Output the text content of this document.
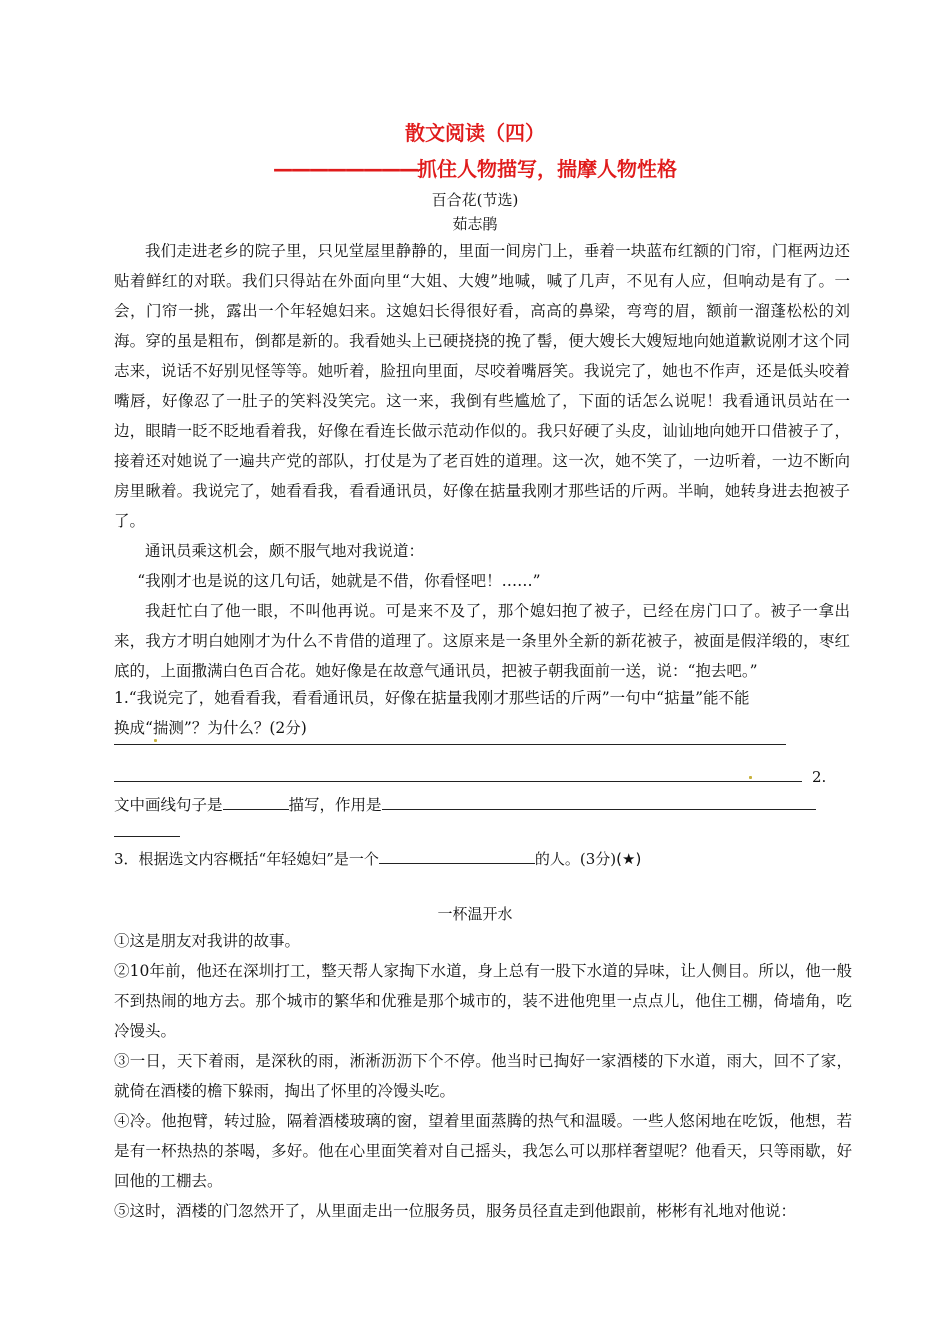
散文阅读（四）
————————抓住人物描写，揣摩人物性格
百合花(节选)
茹志鹃

我们走进老乡的院子里，只见堂屋里静静的，里面一间房门上，垂着一块蓝布红额的门帘，门框两边还贴着鲜红的对联。我们只得站在外面向里“大姐、大嫂”地喊，喊了几声，不见有人应，但响动是有了。一会，门帘一挑，露出一个年轻媳妇来。这媳妇长得很好看，高高的鼻梁，弯弯的眉，额前一溜蓬松松的刘海。穿的虽是粗布，倒都是新的。我看她头上已硬挠挠的挽了髻，便大嫂长大嫂短地向她道歉说刚才这个同志来，说话不好别见怪等等。她听着，脸扭向里面，尽咬着嘴唇笑。我说完了，她也不作声，还是低头咬着嘴唇，好像忍了一肚子的笑料没笑完。这一来，我倒有些尴尬了，下面的话怎么说呢！我看通讯员站在一边，眼睛一眨不眨地看着我，好像在看连长做示范动作似的。我只好硬了头皮，讪讪地向她开口借被子了，接着还对她说了一遍共产党的部队，打仗是为了老百姓的道理。这一次，她不笑了，一边听着，一边不断向房里瞅着。我说完了，她看看我，看看通讯员，好像在掂量我刚才那些话的斤两。半晌，她转身进去抱被子了。

通讯员乘这机会，颇不服气地对我说道：

“我刚才也是说的这几句话，她就是不借，你看怪吧！……”

我赶忙白了他一眼，不叫他再说。可是来不及了，那个媳妇抱了被子，已经在房门口了。被子一拿出来，我方才明白她刚才为什么不肯借的道理了。这原来是一条里外全新的新花被子，被面是假洋缎的，枣红底的，上面撒满白色百合花。她好像是在故意气通讯员，把被子朝我面前一送，说：“抱去吧。”

1.“我说完了，她看看我，看看通讯员，好像在掂量我刚才那些话的斤两”一句中“掂量”能不能
换成“揣测”？为什么？(2分)
2.
文中画线句子是	描写，作用是
3．根据选文内容概括“年轻媳妇”是一个	的人。(3分)(★)
一杯温开水

①这是朋友对我讲的故事。

②10年前，他还在深圳打工，整天帮人家掏下水道，身上总有一股下水道的异味，让人侧目。所以，他一般不到热闹的地方去。那个城市的繁华和优雅是那个城市的，装不进他兜里一点点儿，他住工棚，倚墙角，吃冷馒头。

③一日，天下着雨，是深秋的雨，淅淅沥沥下个不停。他当时已掏好一家酒楼的下水道，雨大，回不了家，就倚在酒楼的檐下躲雨，掏出了怀里的冷馒头吃。

④冷。他抱臂，转过脸，隔着酒楼玻璃的窗，望着里面蒸腾的热气和温暖。一些人悠闲地在吃饭，他想，若是有一杯热热的茶喝，多好。他在心里面笑着对自己摇头，我怎么可以那样奢望呢？他看天，只等雨歇，好回他的工棚去。

⑤这时，酒楼的门忽然开了，从里面走出一位服务员，服务员径直走到他跟前，彬彬有礼地对他说：
